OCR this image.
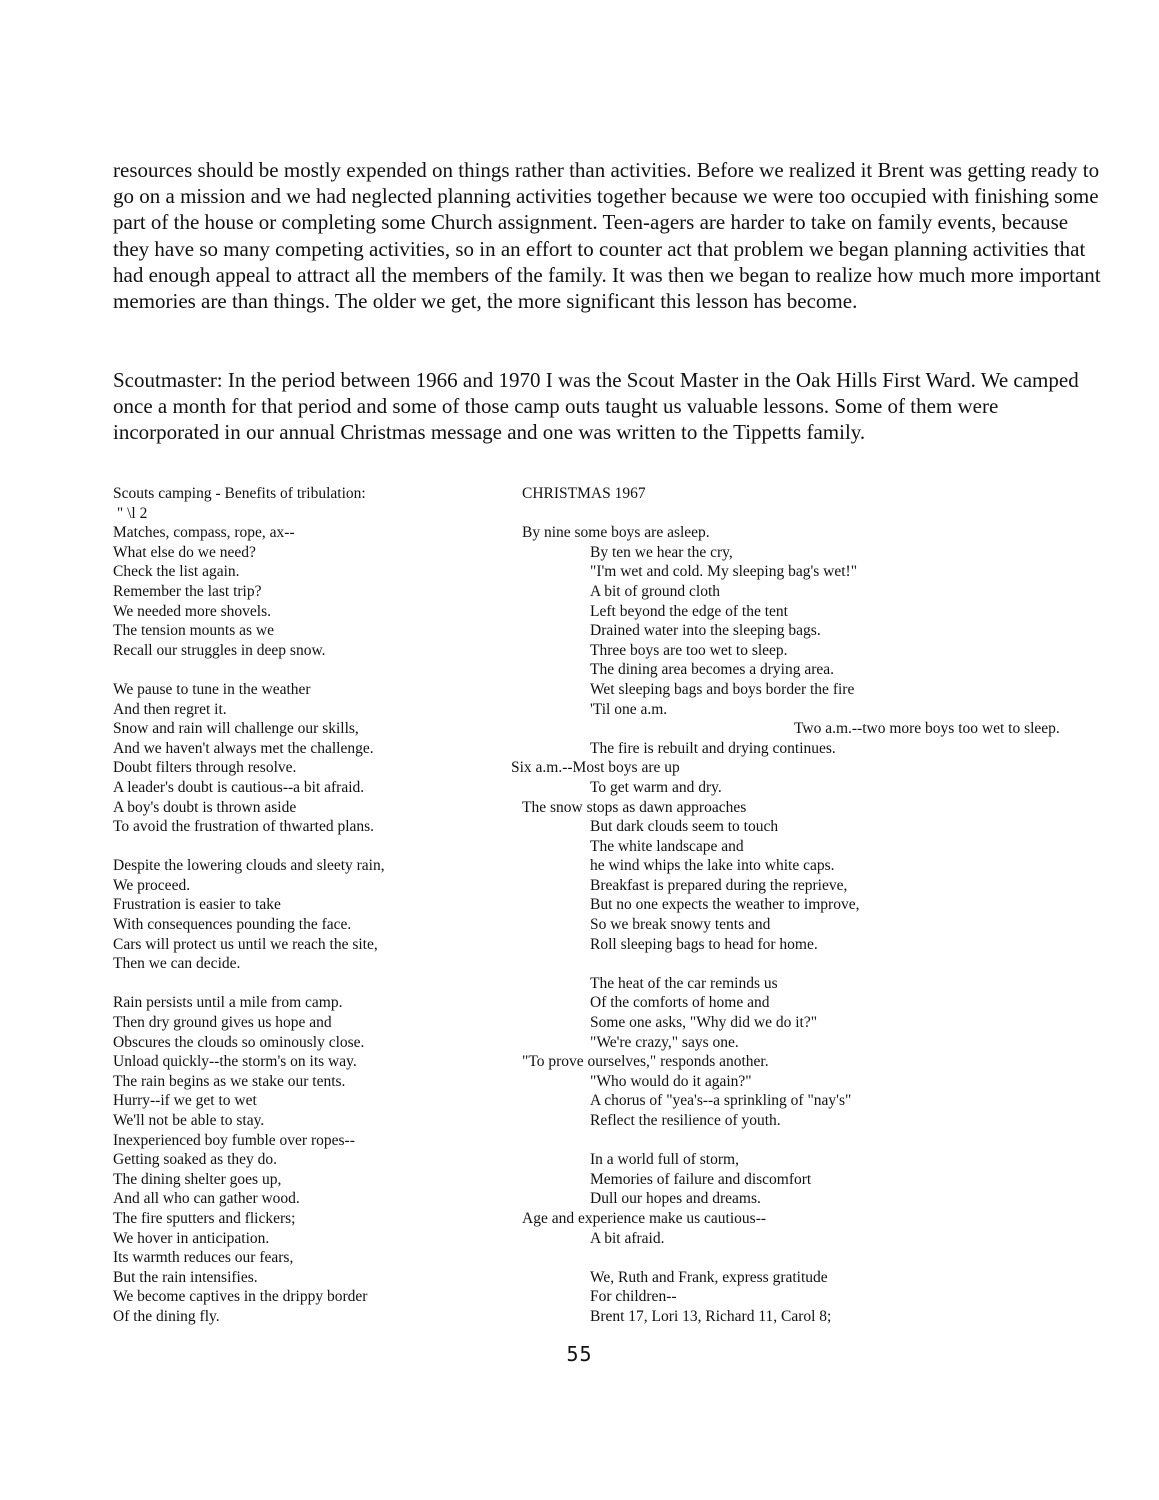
resources should be mostly expended on things rather than activities. Before we realized it Brent was getting ready to go on a mission and we had neglected planning activities together because we were too occupied with finishing some part of the house or completing some Church assignment. Teen-agers are harder to take on family events, because they have so many competing activities, so in an effort to counter act that problem we began planning activities that had enough appeal to attract all the members of the family. It was then we began to realize how much more important memories are than things. The older we get, the more significant this lesson has become.

Scoutmaster: In the period between 1966 and 1970 I was the Scout Master in the Oak Hills First Ward. We camped once a month for that period and some of those camp outs taught us valuable lessons. Some of them were incorporated in our annual Christmas message and one was written to the Tippetts family.

Scouts camping - Benefits of tribulation:
" \l 2
Matches, compass, rope, ax--
What else do we need?
Check the list again.
Remember the last trip?
We needed more shovels.
The tension mounts as we
Recall our struggles in deep snow.
We pause to tune in the weather
And then regret it.
Snow and rain will challenge our skills,
And we haven't always met the challenge.
Doubt filters through resolve.
A leader's doubt is cautious--a bit afraid.
A boy's doubt is thrown aside
To avoid the frustration of thwarted plans.
Despite the lowering clouds and sleety rain,
We proceed.
Frustration is easier to take
With consequences pounding the face.
Cars will protect us until we reach the site,
Then we can decide.
Rain persists until a mile from camp.
Then dry ground gives us hope and
Obscures the clouds so ominously close.
Unload quickly--the storm's on its way.
The rain begins as we stake our tents.
Hurry--if we get to wet
We'll not be able to stay.
Inexperienced boy fumble over ropes--
Getting soaked as they do.
The dining shelter goes up,
And all who can gather wood.
The fire sputters and flickers;
We hover in anticipation.
Its warmth reduces our fears,
But the rain intensifies.
We become captives in the drippy border
Of the dining fly.
CHRISTMAS 1967
By nine some boys are asleep.
By ten we hear the cry,
"I'm wet and cold. My sleeping bag's wet!"
A bit of ground cloth
Left beyond the edge of the tent
Drained water into the sleeping bags.
Three boys are too wet to sleep.
The dining area becomes a drying area.
Wet sleeping bags and boys border the fire
'Til one a.m.
Two a.m.--two more boys too wet to sleep.
The fire is rebuilt and drying continues.
Six a.m.--Most boys are up
To get warm and dry.
The snow stops as dawn approaches
But dark clouds seem to touch
The white landscape and
he wind whips the lake into white caps.
Breakfast is prepared during the reprieve,
But no one expects the weather to improve,
So we break snowy tents and
Roll sleeping bags to head for home.
The heat of the car reminds us
Of the comforts of home and
Some one asks, "Why did we do it?"
"We're crazy," says one.
"To prove ourselves," responds another.
"Who would do it again?"
A chorus of "yea's--a sprinkling of "nay's"
Reflect the resilience of youth.
In a world full of storm,
Memories of failure and discomfort
Dull our hopes and dreams.
Age and experience make us cautious--
A bit afraid.
We, Ruth and Frank, express gratitude
For children--
Brent 17, Lori 13, Richard 11, Carol 8;
55
